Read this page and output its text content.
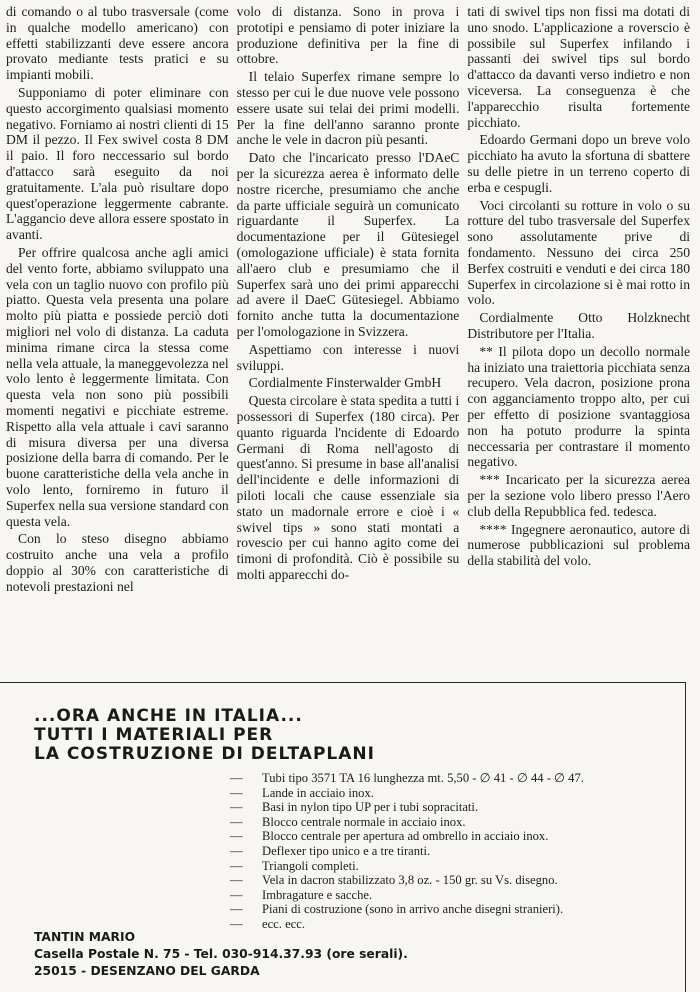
di comando o al tubo trasversale (come in qualche modello americano) con effetti stabilizzanti deve essere ancora provato mediante tests pratici e su impianti mobili.

Supponiamo di poter eliminare con questo accorgimento qualsiasi momento negativo. Forniamo ai nostri clienti di 15 DM il pezzo. Il Fex swivel costa 8 DM il paio. Il foro neccessario sul bordo d'attacco sarà eseguito da noi gratuitamente. L'ala può risultare dopo quest'operazione leggermente cabrante. L'aggancio deve allora essere spostato in avanti.

Per offrire qualcosa anche agli amici del vento forte, abbiamo sviluppato una vela con un taglio nuovo con profilo più piatto. Questa vela presenta una polare molto più piatta e possiede perciò doti migliori nel volo di distanza. La caduta minima rimane circa la stessa come nella vela attuale, la maneggevolezza nel volo lento è leggermente limitata. Con questa vela non sono più possibili momenti negativi e picchiate estreme. Rispetto alla vela attuale i cavi saranno di misura diversa per una diversa posizione della barra di comando. Per le buone caratteristiche della vela anche in volo lento, forniremo in futuro il Superfex nella sua versione standard con questa vela.

Con lo steso disegno abbiamo costruito anche una vela a profilo doppio al 30% con caratteristiche di notevoli prestazioni nel

volo di distanza. Sono in prova i prototipi e pensiamo di poter iniziare la produzione definitiva per la fine di ottobre.

Il telaio Superfex rimane sempre lo stesso per cui le due nuove vele possono essere usate sui telai dei primi modelli. Per la fine dell'anno saranno pronte anche le vele in dacron più pesanti.

Dato che l'incaricato presso l'DAeC per la sicurezza aerea è informato delle nostre ricerche, presumiamo che anche da parte ufficiale seguirà un comunicato riguardante il Superfex. La documentazione per il Gütesiegel (omologazione ufficiale) è stata fornita all'aero club e presumiamo che il Superfex sarà uno dei primi apparecchi ad avere il DaeC Gütesiegel. Abbiamo fornito anche tutta la documentazione per l'omologazione in Svizzera.

Aspettiamo con interesse i nuovi sviluppi.

Cordialmente Finsterwalder GmbH

Questa circolare è stata spedita a tutti i possessori di Superfex (180 circa). Per quanto riguarda l'ncidente di Edoardo Germani di Roma nell'agosto di quest'anno. Si presume in base all'analisi dell'incidente e delle informazioni di piloti locali che cause essenziale sia stato un madornale errore e cioè i « swivel tips » sono stati montati a rovescio per cui hanno agito come dei timoni di profondità. Ciò è possibile su molti apparecchi do-

tati di swivel tips non fissi ma dotati di uno snodo. L'applicazione a roverscio è possibile sul Superfex infilando i passanti dei swivel tips sul bordo d'attacco da davanti verso indietro e non viceversa. La conseguenza è che l'apparecchio risulta fortemente picchiato.

Edoardo Germani dopo un breve volo picchiato ha avuto la sfortuna di sbattere su delle pietre in un terreno coperto di erba e cespugli.

Voci circolanti su rotture in volo o su rotture del tubo trasversale del Superfex sono assolutamente prive di fondamento. Nessuno dei circa 250 Berfex costruiti e venduti e dei circa 180 Superfex in circolazione si è mai rotto in volo.

Cordialmente Otto Holzknecht Distributore per l'Italia.

** Il pilota dopo un decollo normale ha iniziato una traiettoria picchiata senza recupero. Vela dacron, posizione prona con agganciamento troppo alto, per cui per effetto di posizione svantaggiosa non ha potuto produrre la spinta neccessaria per contrastare il momento negativo.

*** Incaricato per la sicurezza aerea per la sezione volo libero presso l'Aero club della Repubblica fed. tedesca.

**** Ingegnere aeronautico, autore di numerose pubblicazioni sul problema della stabilità del volo.

...ORA ANCHE IN ITALIA...
TUTTI I MATERIALI PER
LA COSTRUZIONE DI DELTAPLANI
—	Tubi tipo 3571 TA 16 lunghezza mt. 5,50 - ∅ 41 - ∅ 44 - ∅ 47.
—	Lande in acciaio inox.
—	Basi in nylon tipo UP per i tubi sopracitati.
—	Blocco centrale normale in acciaio inox.
—	Blocco centrale per apertura ad ombrello in acciaio inox.
—	Deflexer tipo unico e a tre tiranti.
—	Triangoli completi.
—	Vela in dacron stabilizzato 3,8 oz. - 150 gr. su Vs. disegno.
—	Imbragature e sacche.
—	Piani di costruzione (sono in arrivo anche disegni stranieri).
—	ecc. ecc.
TANTIN MARIO
Casella Postale N. 75 - Tel. 030-914.37.93 (ore serali).
25015 - DESENZANO DEL GARDA
